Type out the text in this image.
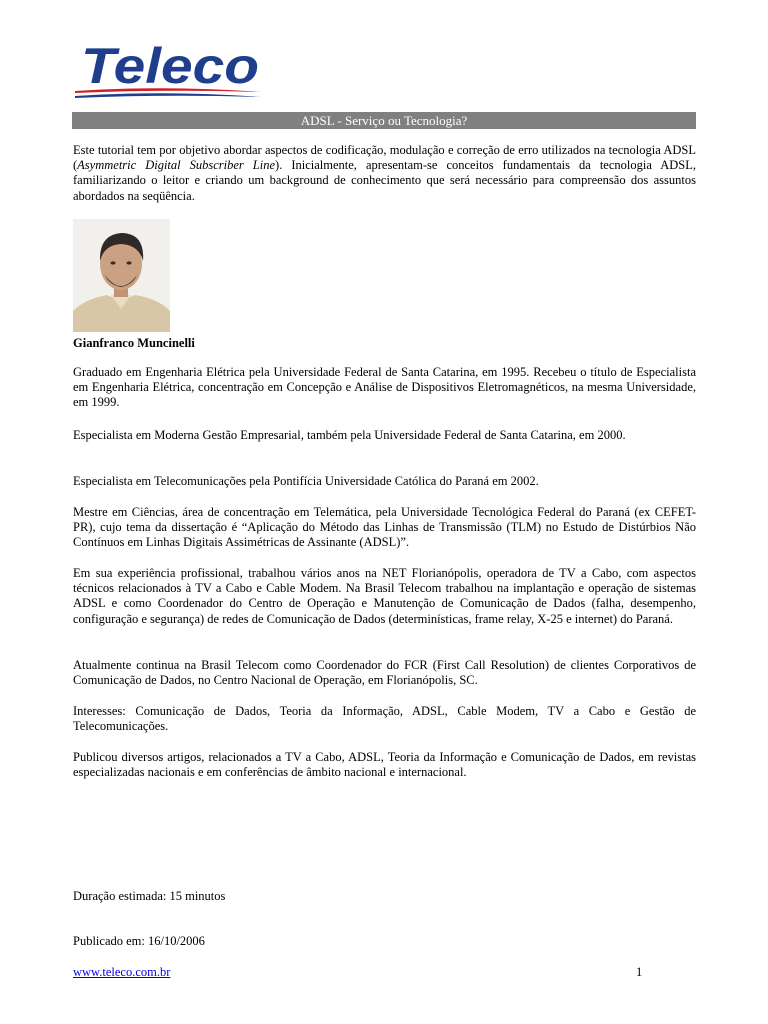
Teleco
ADSL - Serviço ou Tecnologia?

Este tutorial tem por objetivo abordar aspectos de codificação, modulação e correção de erro utilizados na tecnologia ADSL (Asymmetric Digital Subscriber Line). Inicialmente, apresentam-se conceitos fundamentais da tecnologia ADSL, familiarizando o leitor e criando um background de conhecimento que será necessário para compreensão dos assuntos abordados na seqüência.

Gianfranco Muncinelli

Graduado em Engenharia Elétrica pela Universidade Federal de Santa Catarina, em 1995. Recebeu o título de Especialista em Engenharia Elétrica, concentração em Concepção e Análise de Dispositivos Eletromagnéticos, na mesma Universidade, em 1999.

Especialista em Moderna Gestão Empresarial, também pela Universidade Federal de Santa Catarina, em 2000.

Especialista em Telecomunicações pela Pontifícia Universidade Católica do Paraná em 2002.

Mestre em Ciências, área de concentração em Telemática, pela Universidade Tecnológica Federal do Paraná (ex CEFET-PR), cujo tema da dissertação é “Aplicação do Método das Linhas de Transmissão (TLM) no Estudo de Distúrbios Não Contínuos em Linhas Digitais Assimétricas de Assinante (ADSL)”.

Em sua experiência profissional, trabalhou vários anos na NET Florianópolis, operadora de TV a Cabo, com aspectos técnicos relacionados à TV a Cabo e Cable Modem. Na Brasil Telecom trabalhou na implantação e operação de sistemas ADSL e como Coordenador do Centro de Operação e Manutenção de Comunicação de Dados (falha, desempenho, configuração e segurança) de redes de Comunicação de Dados (determinísticas, frame relay, X-25 e internet) do Paraná.

Atualmente continua na Brasil Telecom como Coordenador do FCR (First Call Resolution) de clientes Corporativos de Comunicação de Dados, no Centro Nacional de Operação, em Florianópolis, SC.

Interesses: Comunicação de Dados, Teoria da Informação, ADSL, Cable Modem, TV a Cabo e Gestão de Telecomunicações.

Publicou diversos artigos, relacionados a TV a Cabo, ADSL, Teoria da Informação e Comunicação de Dados, em revistas especializadas nacionais e em conferências de âmbito nacional e internacional.

Duração estimada: 15 minutos
Publicado em: 16/10/2006
www.teleco.com.br	1
